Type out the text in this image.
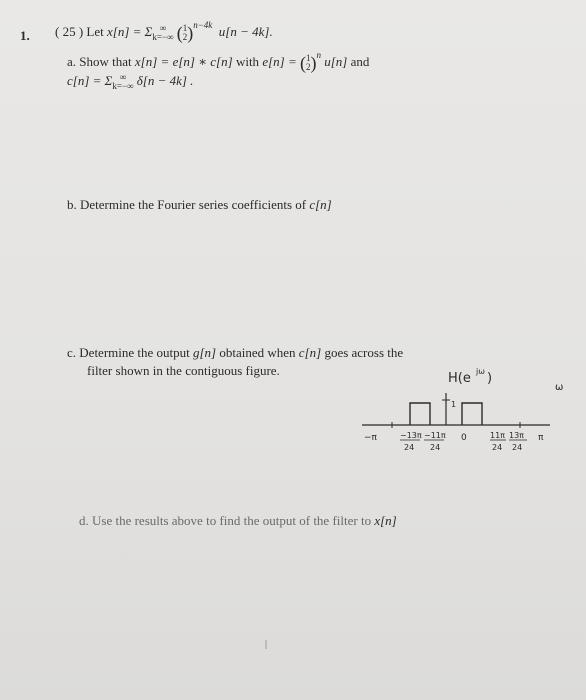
1. ( 25 ) Let x[n] = Σ ∞
k=−∞ (1
2)$^{n-4k}$ u[n − 4k].
a. Show that x[n] = e[n] ∗ c[n] with e[n] = (1
2)$^n$ u[n] and
c[n] = Σ ∞
k=−∞ δ[n − 4k] .
b. Determine the Fourier series coefficients of c[n]
c. Determine the output g[n] obtained when c[n] goes across the
filter shown in the contiguous figure.
H(e jω )
1
ω
−π	−13π
24
−11π
24
0	11π
24
13π
24
π
d. Use the results above to find the output of the filter to x[n]
